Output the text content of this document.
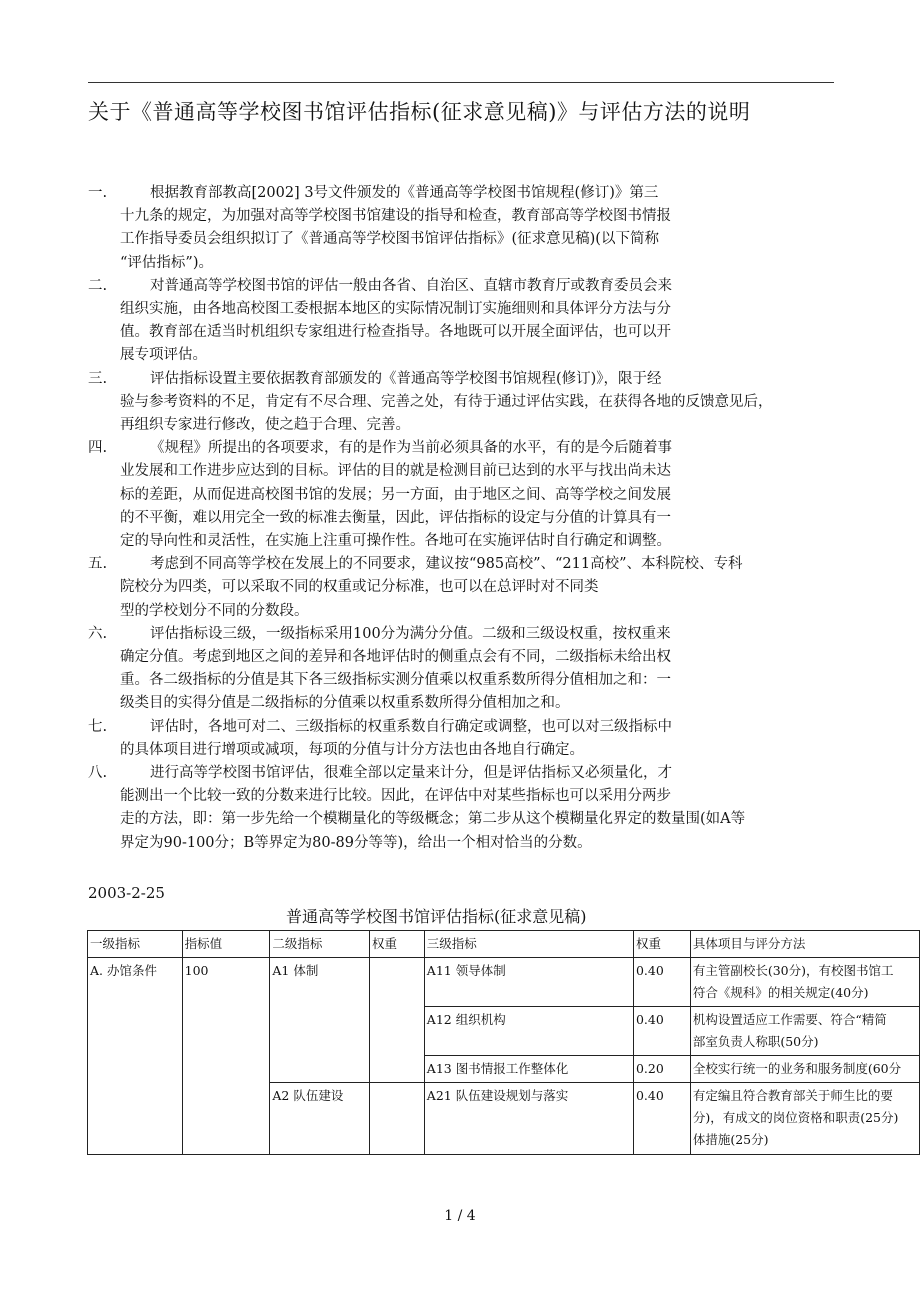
关于《普通高等学校图书馆评估指标(征求意见稿)》与评估方法的说明
一.	根据教育部教高[2002] 3号文件颁发的《普通高等学校图书馆规程(修订)》第三
十九条的规定，为加强对高等学校图书馆建设的指导和检查，教育部高等学校图书情报
工作指导委员会组织拟订了《普通高等学校图书馆评估指标》(征求意见稿)(以下简称
“评估指标”)。
二.	对普通高等学校图书馆的评估一般由各省、自治区、直辖市教育厅或教育委员会来
组织实施，由各地高校图工委根据本地区的实际情况制订实施细则和具体评分方法与分
值。教育部在适当时机组织专家组进行检查指导。各地既可以开展全面评估，也可以开
展专项评估。
三.	评估指标设置主要依据教育部颁发的《普通高等学校图书馆规程(修订)》，限于经
验与参考资料的不足，肯定有不尽合理、完善之处，有待于通过评估实践，在获得各地的反馈意见后，
再组织专家进行修改，使之趋于合理、完善。
四.	《规程》所提出的各项要求，有的是作为当前必须具备的水平，有的是今后随着事
业发展和工作进步应达到的目标。评估的目的就是检测目前已达到的水平与找出尚未达
标的差距，从而促进高校图书馆的发展；另一方面，由于地区之间、高等学校之间发展
的不平衡，难以用完全一致的标准去衡量，因此，评估指标的设定与分值的计算具有一
定的导向性和灵活性，在实施上注重可操作性。各地可在实施评估时自行确定和调整。
五.	考虑到不同高等学校在发展上的不同要求，建议按“985高校”、“211高校”、本科院校、专科
院校分为四类，可以采取不同的权重或记分标准，也可以在总评时对不同类
型的学校划分不同的分数段。
六.	评估指标设三级，一级指标采用100分为满分分值。二级和三级设权重，按权重来
确定分值。考虑到地区之间的差异和各地评估时的侧重点会有不同，二级指标未给出权
重。各二级指标的分值是其下各三级指标实测分值乘以权重系数所得分值相加之和：一
级类目的实得分值是二级指标的分值乘以权重系数所得分值相加之和。
七.	评估时，各地可对二、三级指标的权重系数自行确定或调整，也可以对三级指标中
的具体项目进行增项或减项，每项的分值与计分方法也由各地自行确定。
八.	进行高等学校图书馆评估，很难全部以定量来计分，但是评估指标又必须量化，才
能测出一个比较一致的分数来进行比较。因此，在评估中对某些指标也可以采用分两步
走的方法，即：第一步先给一个模糊量化的等级概念；第二步从这个模糊量化界定的数量围(如A等
界定为90-100分；B等界定为80-89分等等)，给出一个相对恰当的分数。
2003-2-25
普通高等学校图书馆评估指标(征求意见稿)
一级指标	指标值	二级指标	权重	三级指标	权重	具体项目与评分方法
A. 办馆条件	100	A1 体制		A11 领导体制	0.40	有主管副校长(30分)，有校图书馆工
符合《规科》的相关规定(40分)

				A12 组织机构	0.40	机构设置适应工作需要、符合“精简
部室负责人称职(50分)

				A13 图书情报工作整体化	0.20	全校实行统一的业务和服务制度(60分

		A2 队伍建设		A21 队伍建设规划与落实	0.40	有定编且符合教育部关于师生比的要
分)，有成文的岗位资格和职责(25分)
体措施(25分)
1 / 4
